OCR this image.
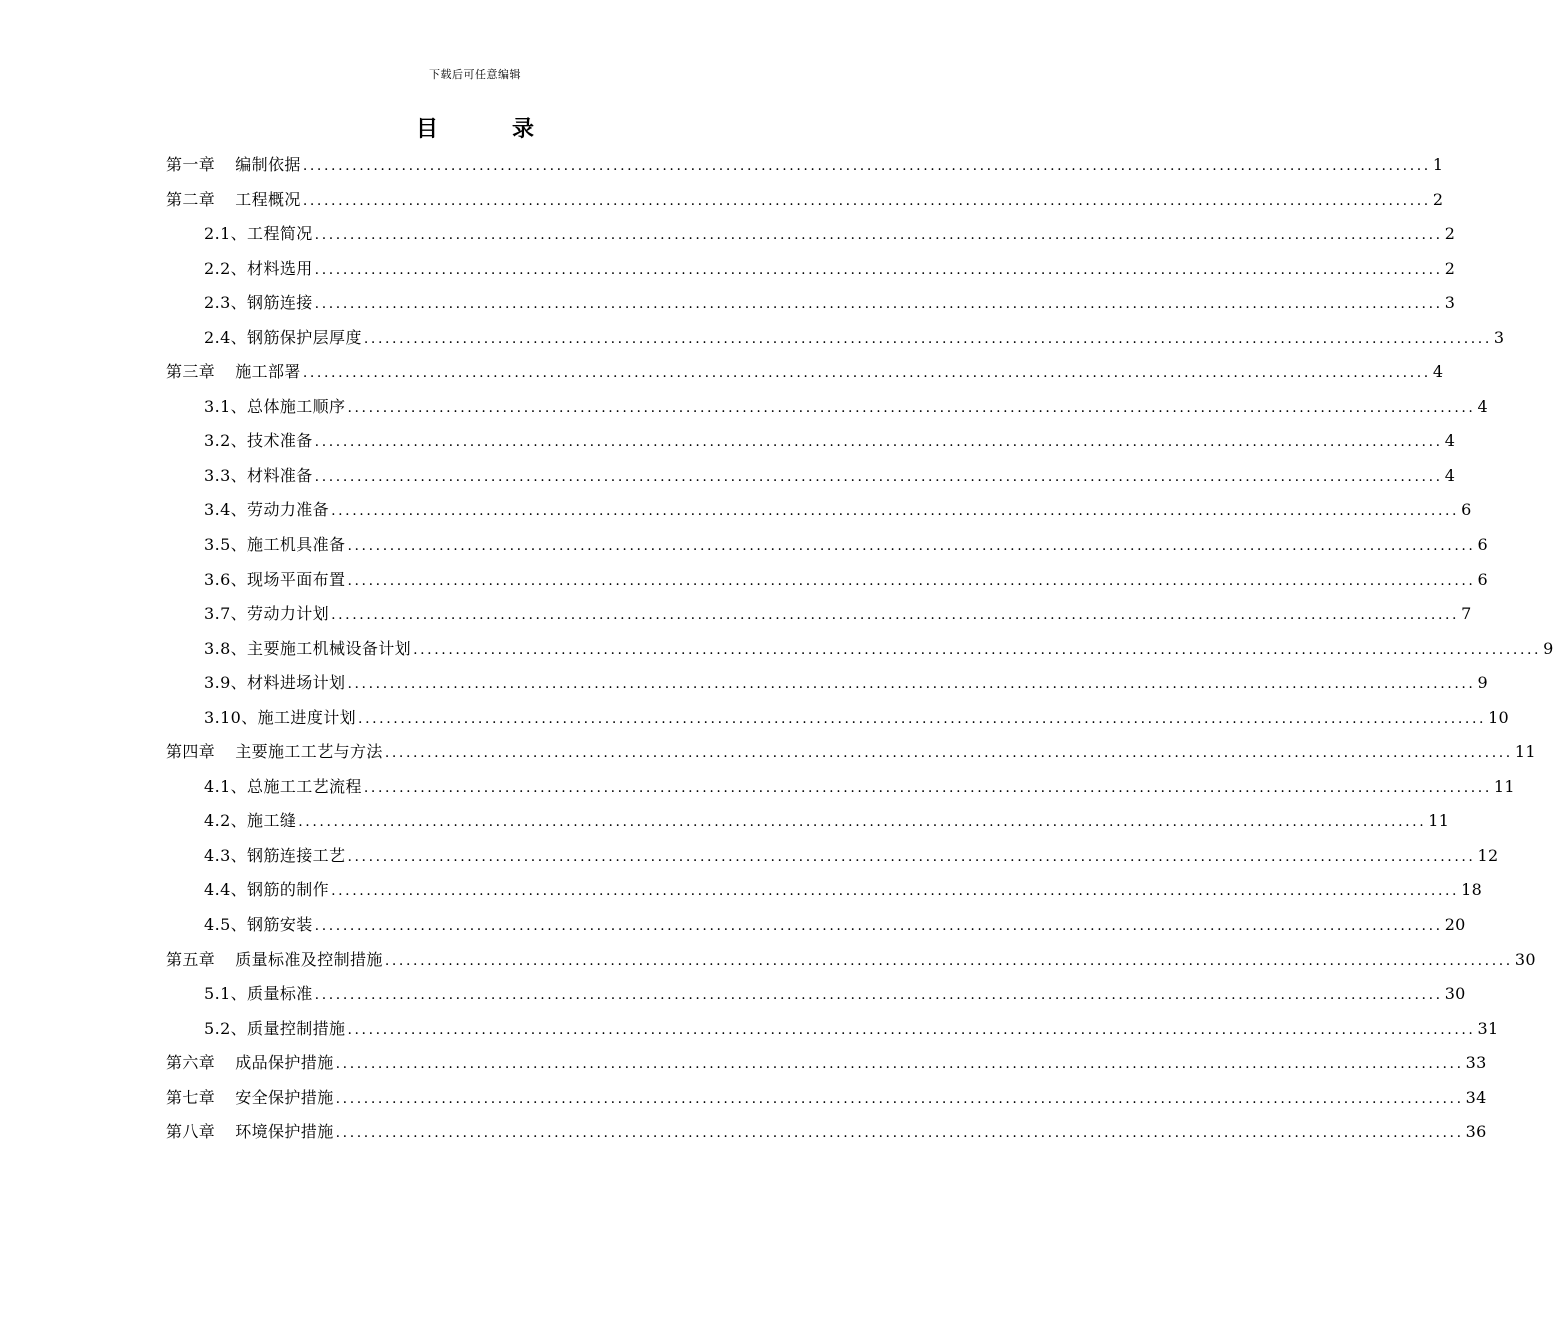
下载后可任意编辑
目	录
第一章 编制依据 ................................................................................................................................................................ 1
第二章 工程概况 ................................................................................................................................................................ 2
2.1、工程简况 ................................................................................................................................................................ 2
2.2、材料选用 ................................................................................................................................................................ 2
2.3、钢筋连接 ................................................................................................................................................................ 3
2.4、钢筋保护层厚度 ................................................................................................................................................................ 3
第三章 施工部署 ................................................................................................................................................................ 4
3.1、总体施工顺序 ................................................................................................................................................................ 4
3.2、技术准备 ................................................................................................................................................................ 4
3.3、材料准备 ................................................................................................................................................................ 4
3.4、劳动力准备 ................................................................................................................................................................ 6
3.5、施工机具准备 ................................................................................................................................................................ 6
3.6、现场平面布置 ................................................................................................................................................................ 6
3.7、劳动力计划 ................................................................................................................................................................ 7
3.8、主要施工机械设备计划 ................................................................................................................................................................ 9
3.9、材料进场计划 ................................................................................................................................................................ 9
3.10、施工进度计划 ................................................................................................................................................................ 10
第四章 主要施工工艺与方法 ................................................................................................................................................................ 11
4.1、总施工工艺流程 ................................................................................................................................................................ 11
4.2、施工缝 ................................................................................................................................................................ 11
4.3、钢筋连接工艺 ................................................................................................................................................................ 12
4.4、钢筋的制作 ................................................................................................................................................................ 18
4.5、钢筋安装 ................................................................................................................................................................ 20
第五章 质量标准及控制措施 ................................................................................................................................................................ 30
5.1、质量标准 ................................................................................................................................................................ 30
5.2、质量控制措施 ................................................................................................................................................................ 31
第六章 成品保护措施 ................................................................................................................................................................ 33
第七章 安全保护措施 ................................................................................................................................................................ 34
第八章 环境保护措施 ................................................................................................................................................................ 36
